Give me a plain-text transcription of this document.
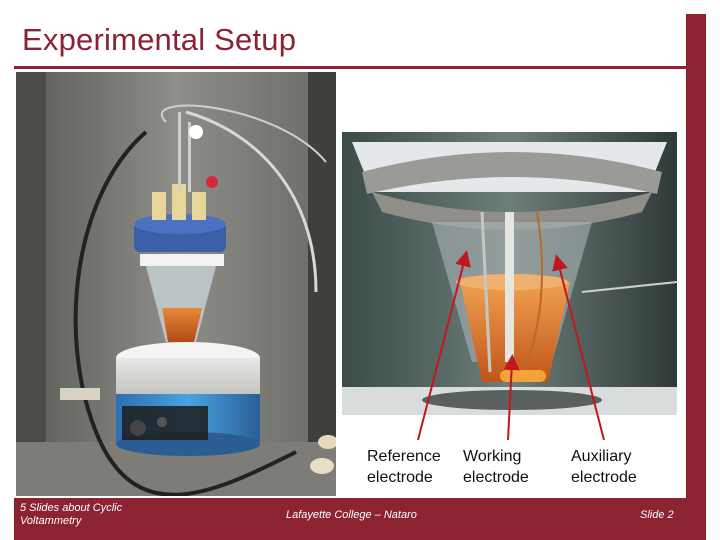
Experimental Setup
Reference
electrode
Working
electrode
Auxiliary
electrode
5 Slides about Cyclic
Voltammetry	Lafayette College – Nataro	Slide 2
